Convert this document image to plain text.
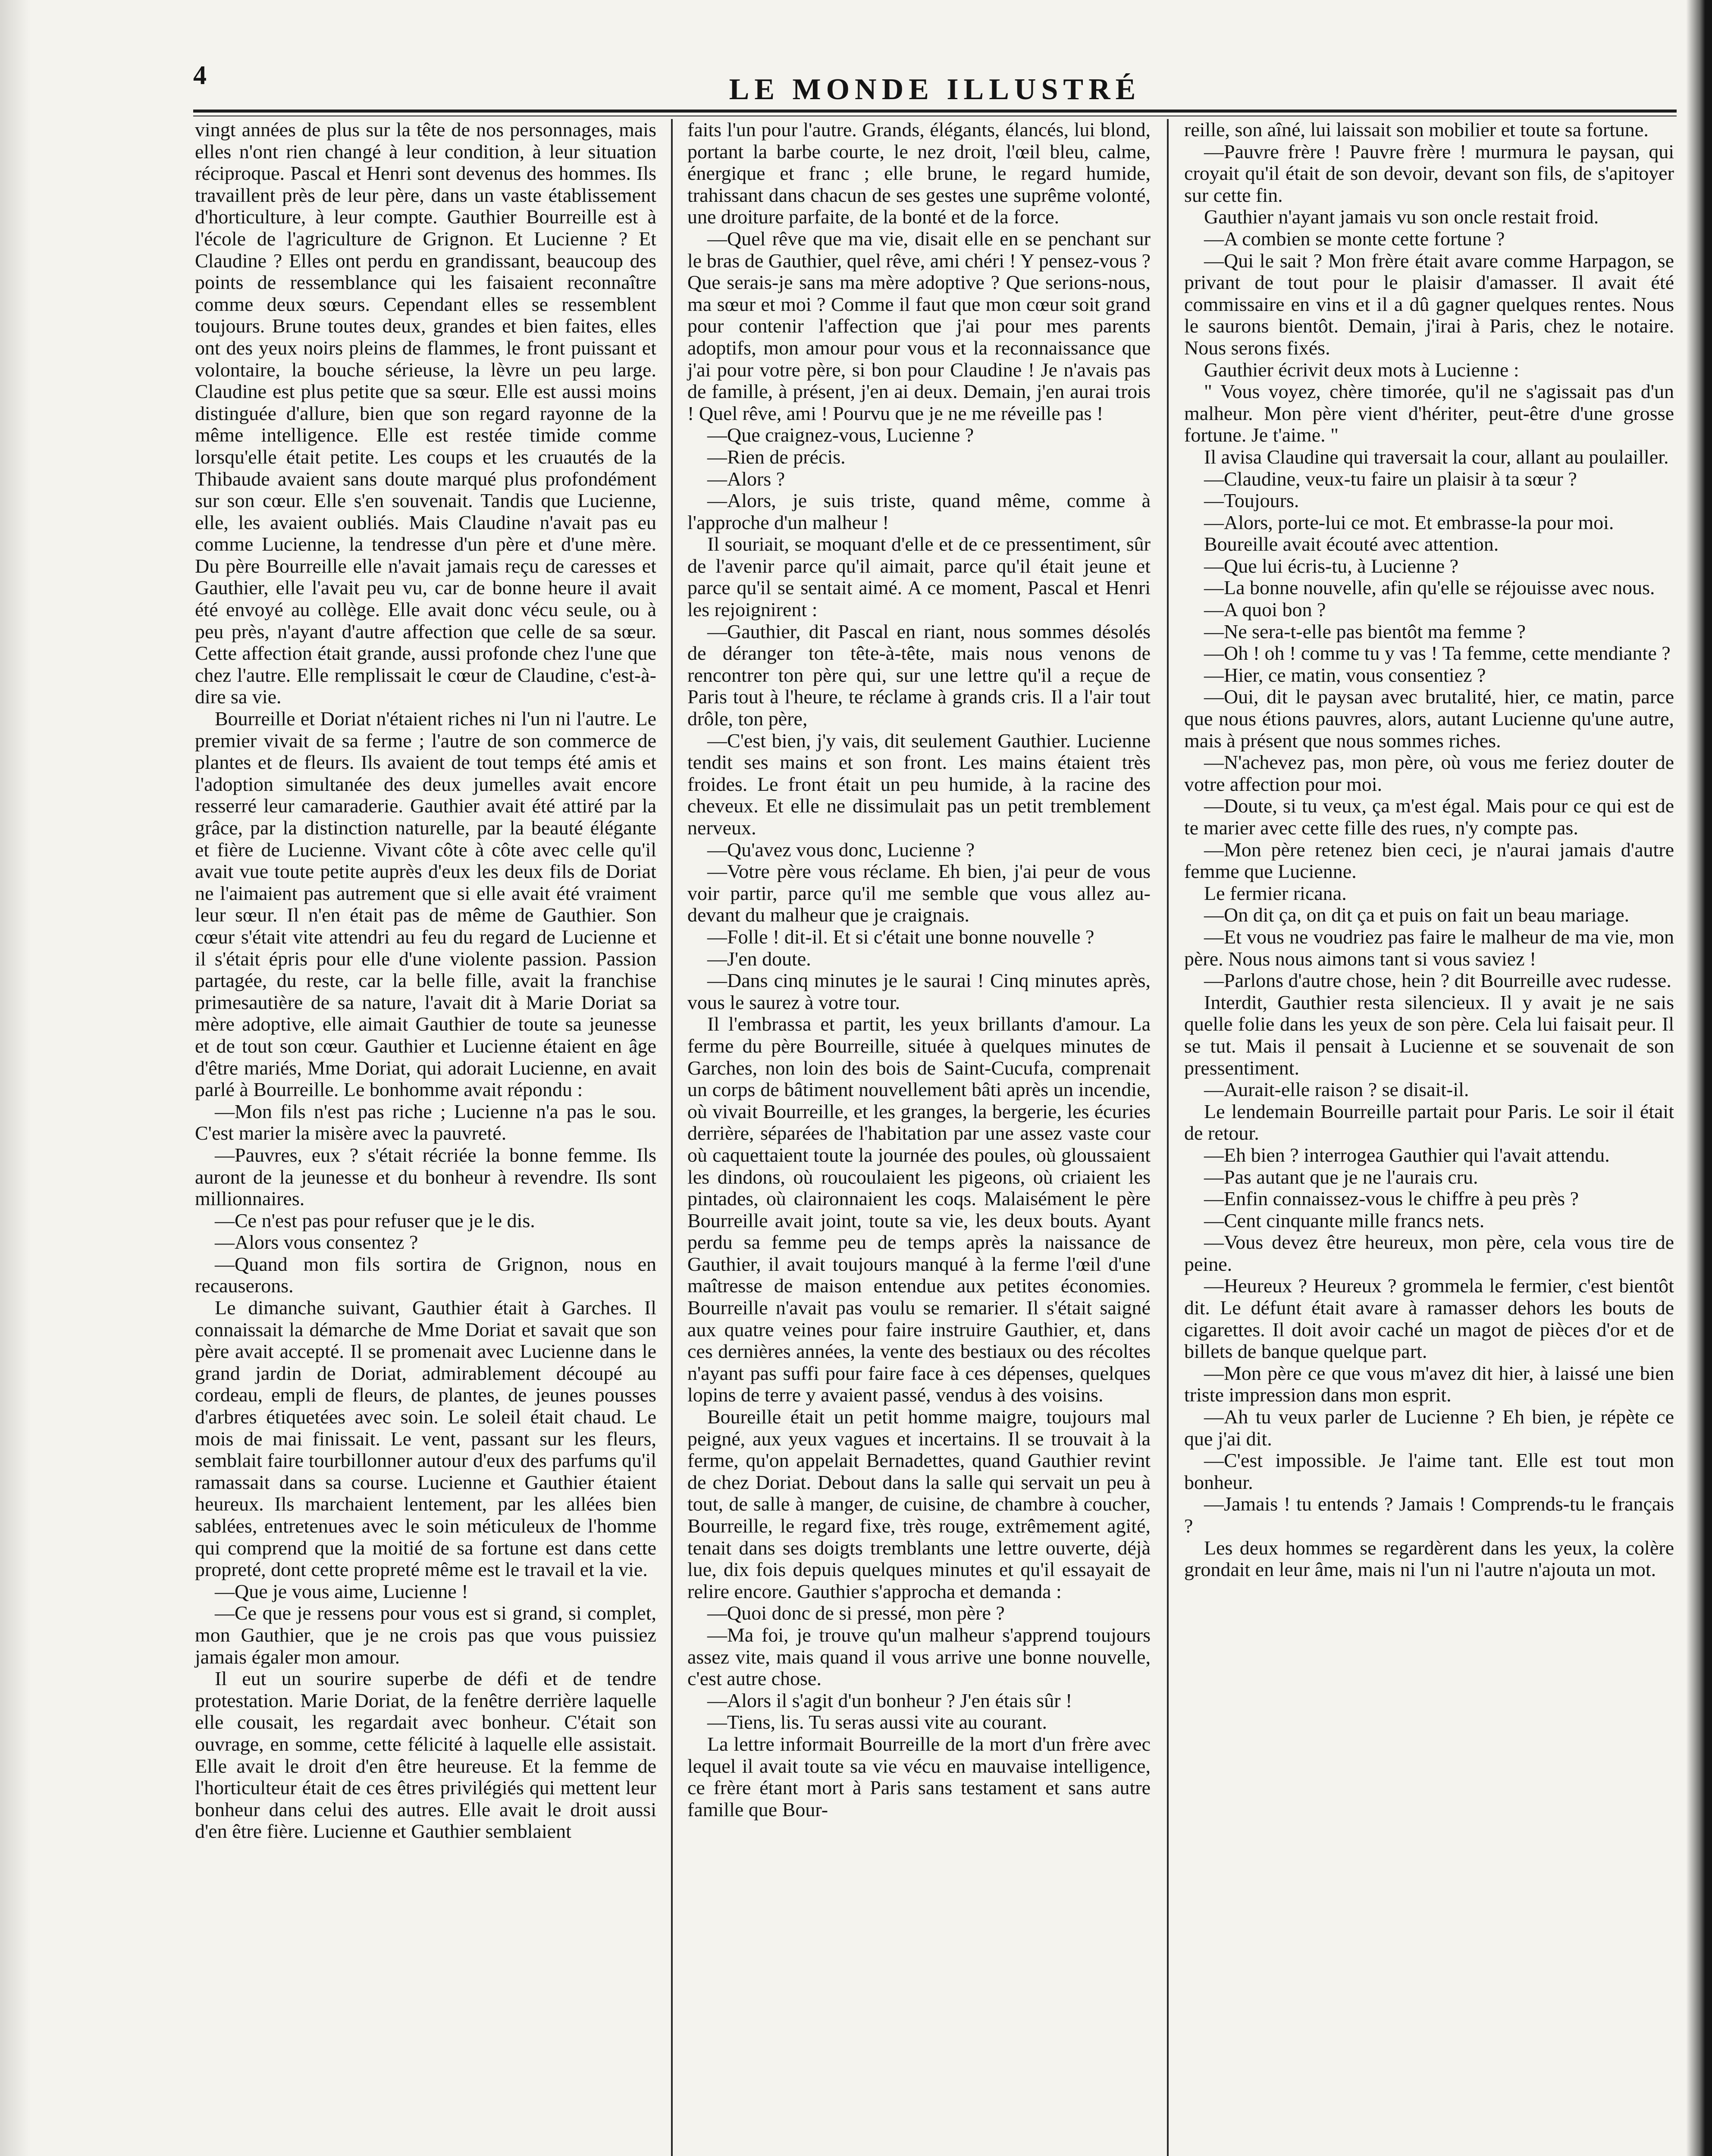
4	LE MONDE ILLUSTRÉ

vingt années de plus sur la tête de nos personnages, mais elles n'ont rien changé à leur condition, à leur situation réciproque. Pascal et Henri sont devenus des hommes. Ils travaillent près de leur père, dans un vaste établissement d'horticulture, à leur compte. Gauthier Bourreille est à l'école de l'agriculture de Grignon. Et Lucienne ? Et Claudine ? Elles ont perdu en grandissant, beaucoup des points de ressemblance qui les faisaient reconnaître comme deux sœurs. Cependant elles se ressemblent toujours. Brune toutes deux, grandes et bien faites, elles ont des yeux noirs pleins de flammes, le front puissant et volontaire, la bouche sérieuse, la lèvre un peu large. Claudine est plus petite que sa sœur. Elle est aussi moins distinguée d'allure, bien que son regard rayonne de la même intelligence. Elle est restée timide comme lorsqu'elle était petite. Les coups et les cruautés de la Thibaude avaient sans doute marqué plus profondément sur son cœur. Elle s'en souvenait. Tandis que Lucienne, elle, les avaient oubliés. Mais Claudine n'avait pas eu comme Lucienne, la tendresse d'un père et d'une mère. Du père Bourreille elle n'avait jamais reçu de caresses et Gauthier, elle l'avait peu vu, car de bonne heure il avait été envoyé au collège. Elle avait donc vécu seule, ou à peu près, n'ayant d'autre affection que celle de sa sœur. Cette affection était grande, aussi profonde chez l'une que chez l'autre. Elle remplissait le cœur de Claudine, c'est-à-dire sa vie.

Bourreille et Doriat n'étaient riches ni l'un ni l'autre. Le premier vivait de sa ferme ; l'autre de son commerce de plantes et de fleurs. Ils avaient de tout temps été amis et l'adoption simultanée des deux jumelles avait encore resserré leur camaraderie. Gauthier avait été attiré par la grâce, par la distinction naturelle, par la beauté élégante et fière de Lucienne. Vivant côte à côte avec celle qu'il avait vue toute petite auprès d'eux les deux fils de Doriat ne l'aimaient pas autrement que si elle avait été vraiment leur sœur. Il n'en était pas de même de Gauthier. Son cœur s'était vite attendri au feu du regard de Lucienne et il s'était épris pour elle d'une violente passion. Passion partagée, du reste, car la belle fille, avait la franchise primesautière de sa nature, l'avait dit à Marie Doriat sa mère adoptive, elle aimait Gauthier de toute sa jeunesse et de tout son cœur. Gauthier et Lucienne étaient en âge d'être mariés, Mme Doriat, qui adorait Lucienne, en avait parlé à Bourreille. Le bonhomme avait répondu :

—Mon fils n'est pas riche ; Lucienne n'a pas le sou. C'est marier la misère avec la pauvreté.

—Pauvres, eux ? s'était récriée la bonne femme. Ils auront de la jeunesse et du bonheur à revendre. Ils sont millionnaires.

—Ce n'est pas pour refuser que je le dis.

—Alors vous consentez ?

—Quand mon fils sortira de Grignon, nous en recauserons.

Le dimanche suivant, Gauthier était à Garches. Il connaissait la démarche de Mme Doriat et savait que son père avait accepté. Il se promenait avec Lucienne dans le grand jardin de Doriat, admirablement découpé au cordeau, empli de fleurs, de plantes, de jeunes pousses d'arbres étiquetées avec soin. Le soleil était chaud. Le mois de mai finissait. Le vent, passant sur les fleurs, semblait faire tourbillonner autour d'eux des parfums qu'il ramassait dans sa course. Lucienne et Gauthier étaient heureux. Ils marchaient lentement, par les allées bien sablées, entretenues avec le soin méticuleux de l'homme qui comprend que la moitié de sa fortune est dans cette propreté, dont cette propreté même est le travail et la vie.

—Que je vous aime, Lucienne !

—Ce que je ressens pour vous est si grand, si complet, mon Gauthier, que je ne crois pas que vous puissiez jamais égaler mon amour.

Il eut un sourire superbe de défi et de tendre protestation. Marie Doriat, de la fenêtre derrière laquelle elle cousait, les regardait avec bonheur. C'était son ouvrage, en somme, cette félicité à laquelle elle assistait. Elle avait le droit d'en être heureuse. Et la femme de l'horticulteur était de ces êtres privilégiés qui mettent leur bonheur dans celui des autres. Elle avait le droit aussi d'en être fière. Lucienne et Gauthier semblaient

faits l'un pour l'autre. Grands, élégants, élancés, lui blond, portant la barbe courte, le nez droit, l'œil bleu, calme, énergique et franc ; elle brune, le regard humide, trahissant dans chacun de ses gestes une suprême volonté, une droiture parfaite, de la bonté et de la force.

—Quel rêve que ma vie, disait elle en se penchant sur le bras de Gauthier, quel rêve, ami chéri ! Y pensez-vous ? Que serais-je sans ma mère adoptive ? Que serions-nous, ma sœur et moi ? Comme il faut que mon cœur soit grand pour contenir l'affection que j'ai pour mes parents adoptifs, mon amour pour vous et la reconnaissance que j'ai pour votre père, si bon pour Claudine ! Je n'avais pas de famille, à présent, j'en ai deux. Demain, j'en aurai trois ! Quel rêve, ami ! Pourvu que je ne me réveille pas !

—Que craignez-vous, Lucienne ?

—Rien de précis.

—Alors ?

—Alors, je suis triste, quand même, comme à l'approche d'un malheur !

Il souriait, se moquant d'elle et de ce pressentiment, sûr de l'avenir parce qu'il aimait, parce qu'il était jeune et parce qu'il se sentait aimé. A ce moment, Pascal et Henri les rejoignirent :

—Gauthier, dit Pascal en riant, nous sommes désolés de déranger ton tête-à-tête, mais nous venons de rencontrer ton père qui, sur une lettre qu'il a reçue de Paris tout à l'heure, te réclame à grands cris. Il a l'air tout drôle, ton père,

—C'est bien, j'y vais, dit seulement Gauthier. Lucienne tendit ses mains et son front. Les mains étaient très froides. Le front était un peu humide, à la racine des cheveux. Et elle ne dissimulait pas un petit tremblement nerveux.

—Qu'avez vous donc, Lucienne ?

—Votre père vous réclame. Eh bien, j'ai peur de vous voir partir, parce qu'il me semble que vous allez au-devant du malheur que je craignais.

—Folle ! dit-il. Et si c'était une bonne nouvelle ?

—J'en doute.

—Dans cinq minutes je le saurai ! Cinq minutes après, vous le saurez à votre tour.

Il l'embrassa et partit, les yeux brillants d'amour. La ferme du père Bourreille, située à quelques minutes de Garches, non loin des bois de Saint-Cucufa, comprenait un corps de bâtiment nouvellement bâti après un incendie, où vivait Bourreille, et les granges, la bergerie, les écuries derrière, séparées de l'habitation par une assez vaste cour où caquettaient toute la journée des poules, où gloussaient les dindons, où roucoulaient les pigeons, où criaient les pintades, où claironnaient les coqs. Malaisément le père Bourreille avait joint, toute sa vie, les deux bouts. Ayant perdu sa femme peu de temps après la naissance de Gauthier, il avait toujours manqué à la ferme l'œil d'une maîtresse de maison entendue aux petites économies. Bourreille n'avait pas voulu se remarier. Il s'était saigné aux quatre veines pour faire instruire Gauthier, et, dans ces dernières années, la vente des bestiaux ou des récoltes n'ayant pas suffi pour faire face à ces dépenses, quelques lopins de terre y avaient passé, vendus à des voisins.

Boureille était un petit homme maigre, toujours mal peigné, aux yeux vagues et incertains. Il se trouvait à la ferme, qu'on appelait Bernadettes, quand Gauthier revint de chez Doriat. Debout dans la salle qui servait un peu à tout, de salle à manger, de cuisine, de chambre à coucher, Bourreille, le regard fixe, très rouge, extrêmement agité, tenait dans ses doigts tremblants une lettre ouverte, déjà lue, dix fois depuis quelques minutes et qu'il essayait de relire encore. Gauthier s'approcha et demanda :

—Quoi donc de si pressé, mon père ?

—Ma foi, je trouve qu'un malheur s'apprend toujours assez vite, mais quand il vous arrive une bonne nouvelle, c'est autre chose.

—Alors il s'agit d'un bonheur ? J'en étais sûr !

—Tiens, lis. Tu seras aussi vite au courant.

La lettre informait Bourreille de la mort d'un frère avec lequel il avait toute sa vie vécu en mauvaise intelligence, ce frère étant mort à Paris sans testament et sans autre famille que Bour-

reille, son aîné, lui laissait son mobilier et toute sa fortune.

—Pauvre frère ! Pauvre frère ! murmura le paysan, qui croyait qu'il était de son devoir, devant son fils, de s'apitoyer sur cette fin.

Gauthier n'ayant jamais vu son oncle restait froid.

—A combien se monte cette fortune ?

—Qui le sait ? Mon frère était avare comme Harpagon, se privant de tout pour le plaisir d'amasser. Il avait été commissaire en vins et il a dû gagner quelques rentes. Nous le saurons bientôt. Demain, j'irai à Paris, chez le notaire. Nous serons fixés.

Gauthier écrivit deux mots à Lucienne :

" Vous voyez, chère timorée, qu'il ne s'agissait pas d'un malheur. Mon père vient d'hériter, peut-être d'une grosse fortune. Je t'aime. "

Il avisa Claudine qui traversait la cour, allant au poulailler.

—Claudine, veux-tu faire un plaisir à ta sœur ?

—Toujours.

—Alors, porte-lui ce mot. Et embrasse-la pour moi.

Boureille avait écouté avec attention.

—Que lui écris-tu, à Lucienne ?

—La bonne nouvelle, afin qu'elle se réjouisse avec nous.

—A quoi bon ?

—Ne sera-t-elle pas bientôt ma femme ?

—Oh ! oh ! comme tu y vas ! Ta femme, cette mendiante ?

—Hier, ce matin, vous consentiez ?

—Oui, dit le paysan avec brutalité, hier, ce matin, parce que nous étions pauvres, alors, autant Lucienne qu'une autre, mais à présent que nous sommes riches.

—N'achevez pas, mon père, où vous me feriez douter de votre affection pour moi.

—Doute, si tu veux, ça m'est égal. Mais pour ce qui est de te marier avec cette fille des rues, n'y compte pas.

—Mon père retenez bien ceci, je n'aurai jamais d'autre femme que Lucienne.

Le fermier ricana.

—On dit ça, on dit ça et puis on fait un beau mariage.

—Et vous ne voudriez pas faire le malheur de ma vie, mon père. Nous nous aimons tant si vous saviez !

—Parlons d'autre chose, hein ? dit Bourreille avec rudesse.

Interdit, Gauthier resta silencieux. Il y avait je ne sais quelle folie dans les yeux de son père. Cela lui faisait peur. Il se tut. Mais il pensait à Lucienne et se souvenait de son pressentiment.

—Aurait-elle raison ? se disait-il.

Le lendemain Bourreille partait pour Paris. Le soir il était de retour.

—Eh bien ? interrogea Gauthier qui l'avait attendu.

—Pas autant que je ne l'aurais cru.

—Enfin connaissez-vous le chiffre à peu près ?

—Cent cinquante mille francs nets.

—Vous devez être heureux, mon père, cela vous tire de peine.

—Heureux ? Heureux ? grommela le fermier, c'est bientôt dit. Le défunt était avare à ramasser dehors les bouts de cigarettes. Il doit avoir caché un magot de pièces d'or et de billets de banque quelque part.

—Mon père ce que vous m'avez dit hier, à laissé une bien triste impression dans mon esprit.

—Ah tu veux parler de Lucienne ? Eh bien, je répète ce que j'ai dit.

—C'est impossible. Je l'aime tant. Elle est tout mon bonheur.

—Jamais ! tu entends ? Jamais ! Comprends-tu le français ?

Les deux hommes se regardèrent dans les yeux, la colère grondait en leur âme, mais ni l'un ni l'autre n'ajouta un mot.
